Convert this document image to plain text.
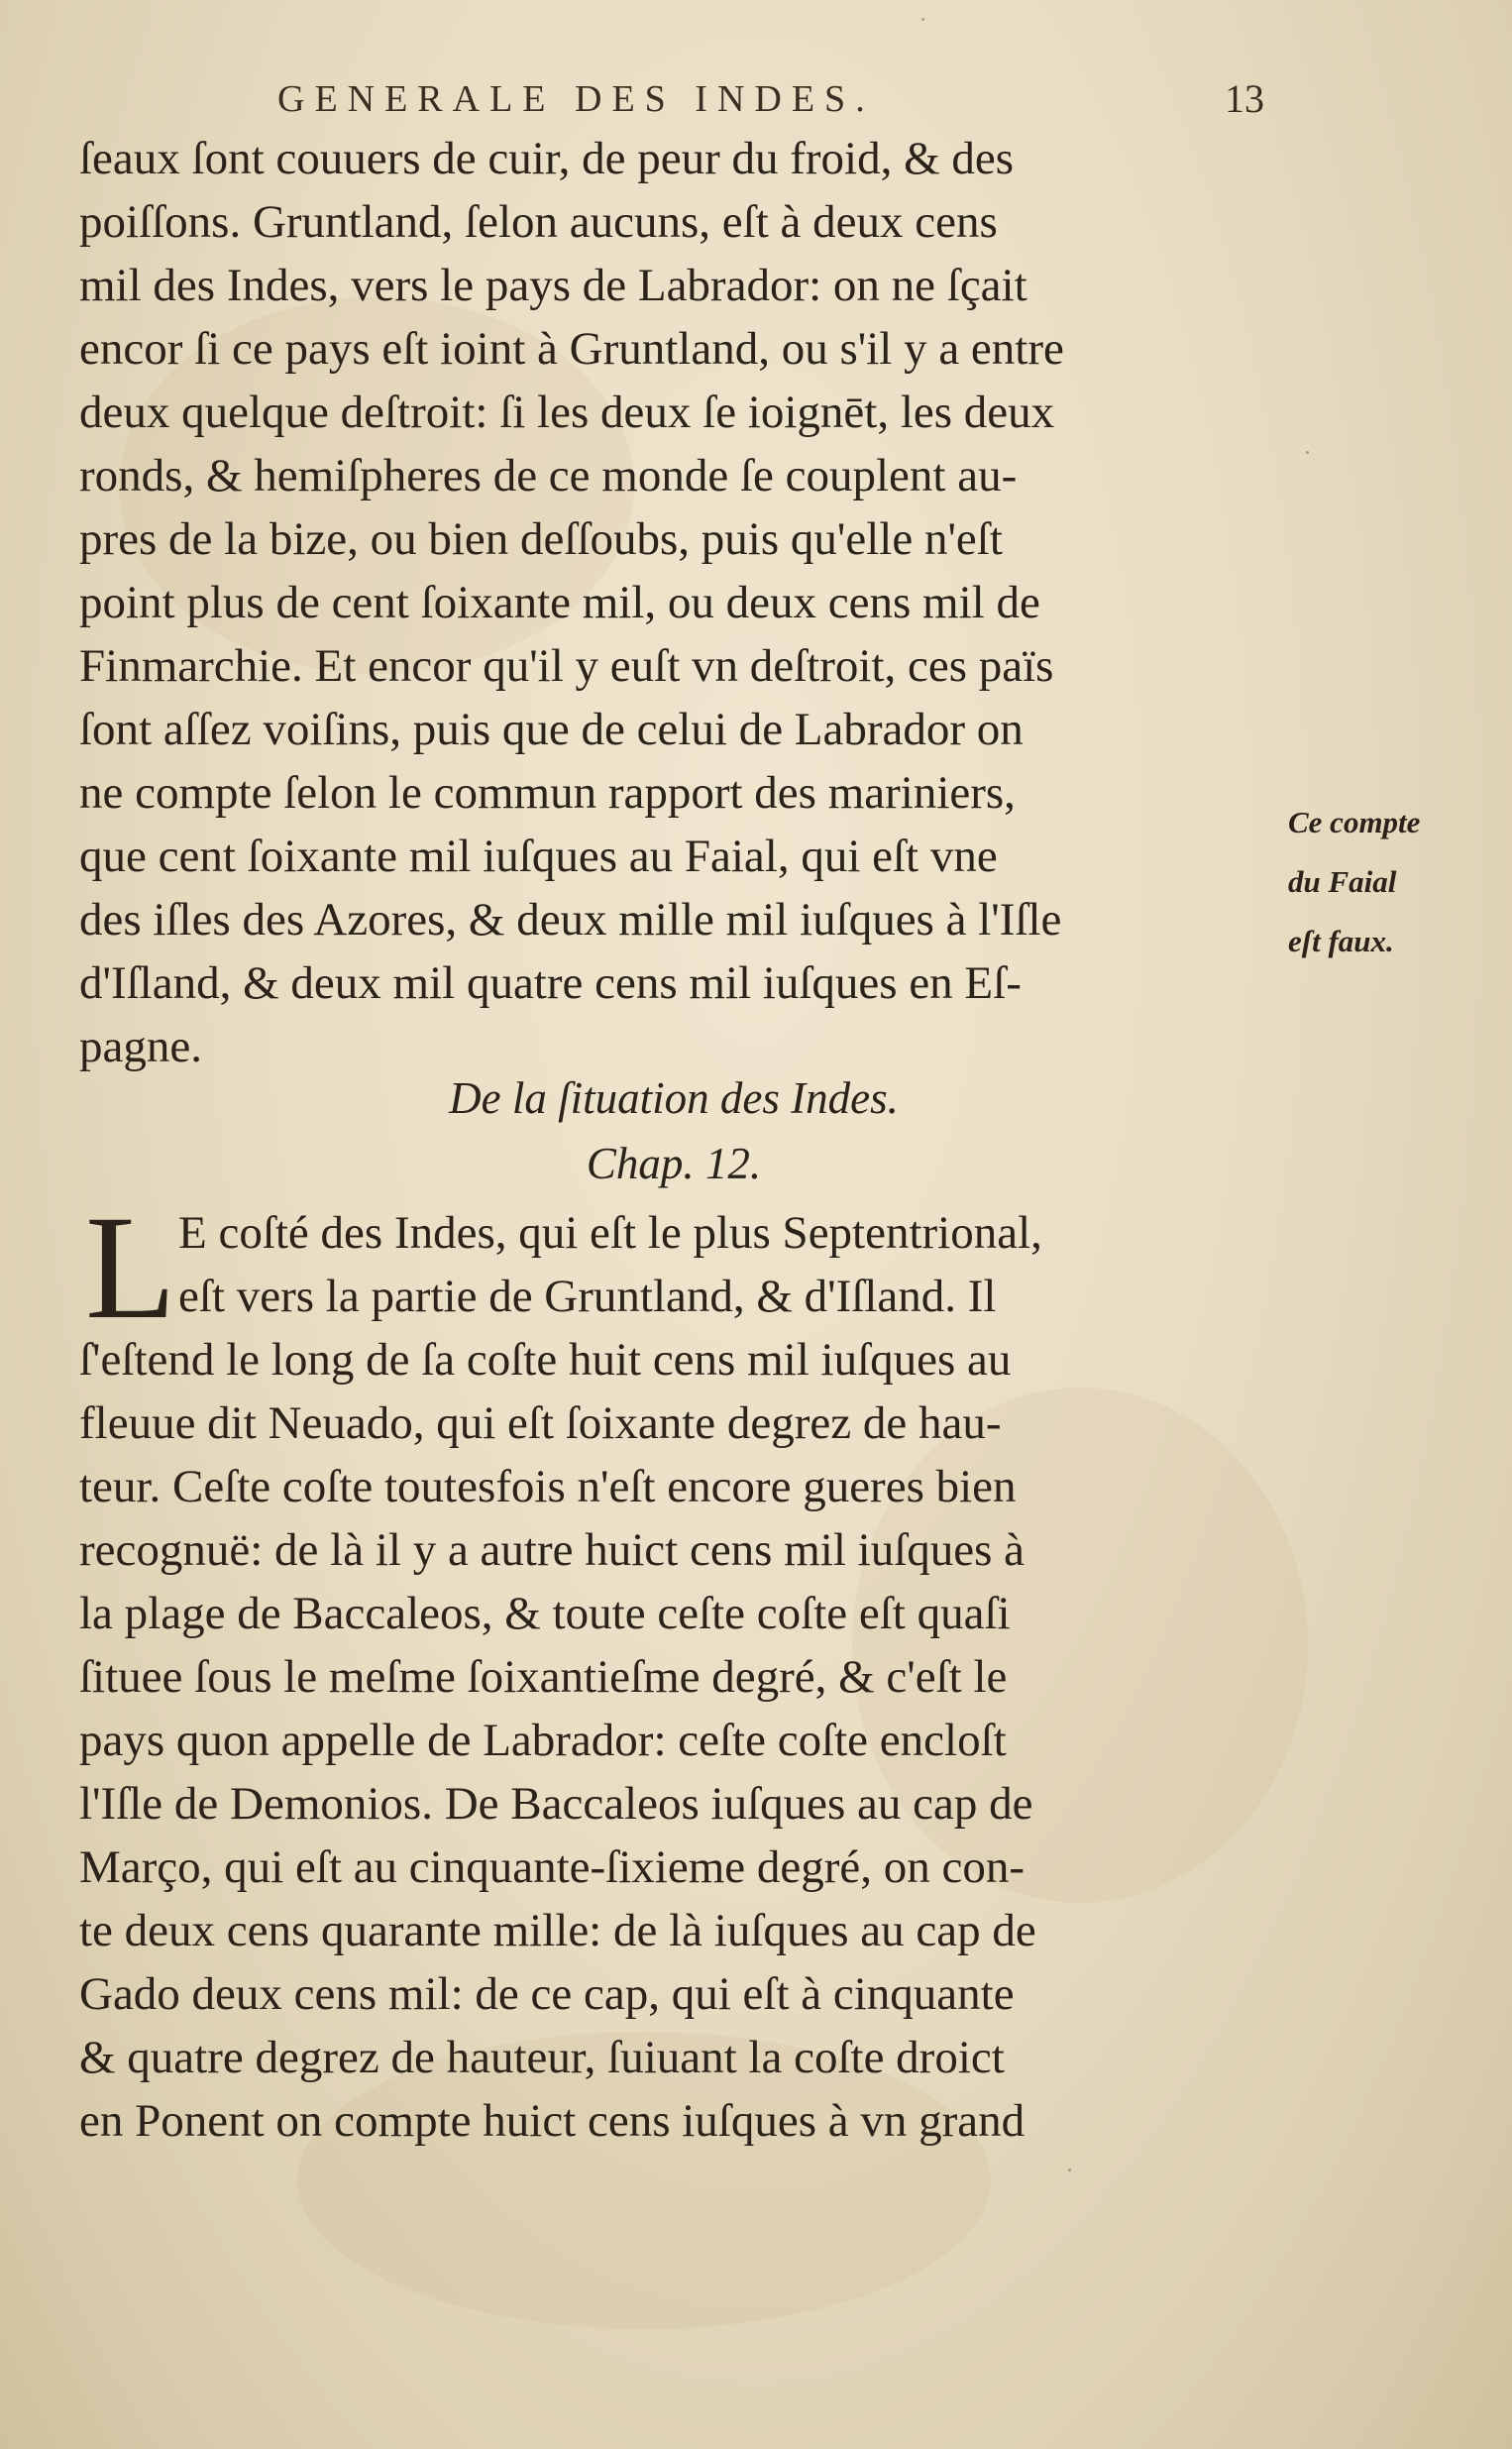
GENERALE DES INDES.	13
ſeaux ſont couuers de cuir, de peur du froid, & des
poiſſons. Gruntland, ſelon aucuns, eſt à deux cens
mil des Indes, vers le pays de Labrador: on ne ſçait
encor ſi ce pays eſt ioint à Gruntland, ou s'il y a entre
deux quelque deſtroit: ſi les deux ſe ioignēt, les deux
ronds, & hemiſpheres de ce monde ſe couplent au-
pres de la bize, ou bien deſſoubs, puis qu'elle n'eſt
point plus de cent ſoixante mil, ou deux cens mil de
Finmarchie. Et encor qu'il y euſt vn deſtroit, ces païs
ſont aſſez voiſins, puis que de celui de Labrador on
ne compte ſelon le commun rapport des mariniers,
que cent ſoixante mil iuſques au Faial, qui eſt vne
des iſles des Azores, & deux mille mil iuſques à l'Iſle
d'Iſland, & deux mil quatre cens mil iuſques en Eſ-
pagne.
Ce compte
du Faial
eſt faux.
De la ſituation des Indes.
Chap. 12.
L E coſté des Indes, qui eſt le plus Septentrional,
eſt vers la partie de Gruntland, & d'Iſland. Il
ſ'eſtend le long de ſa coſte huit cens mil iuſques au
fleuue dit Neuado, qui eſt ſoixante degrez de hau-
teur. Ceſte coſte toutesfois n'eſt encore gueres bien
recognuë: de là il y a autre huict cens mil iuſques à
la plage de Baccaleos, & toute ceſte coſte eſt quaſi
ſituee ſous le meſme ſoixantieſme degré, & c'eſt le
pays quon appelle de Labrador: ceſte coſte encloſt
l'Iſle de Demonios. De Baccaleos iuſques au cap de
Março, qui eſt au cinquante-ſixieme degré, on con-
te deux cens quarante mille: de là iuſques au cap de
Gado deux cens mil: de ce cap, qui eſt à cinquante
& quatre degrez de hauteur, ſuiuant la coſte droict
en Ponent on compte huict cens iuſques à vn grand
